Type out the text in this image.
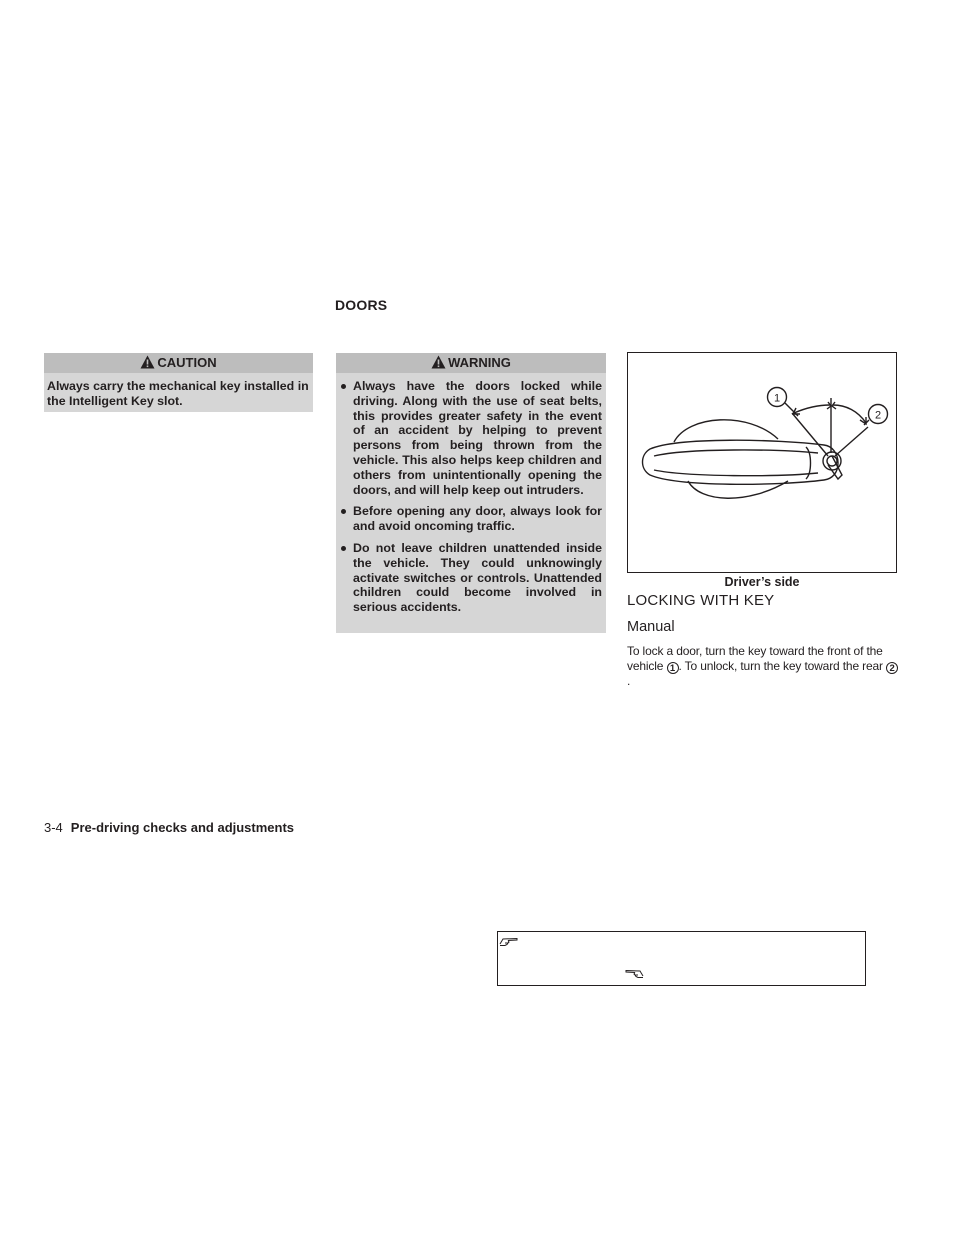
DOORS
CAUTION
Always carry the mechanical key installed in the Intelligent Key slot.
WARNING
Always have the doors locked while driving. Along with the use of seat belts, this provides greater safety in the event of an accident by helping to prevent persons from being thrown from the vehicle. This also helps keep children and others from unintentionally opening the doors, and will help keep out intruders.
Before opening any door, always look for and avoid oncoming traffic.
Do not leave children unattended inside the vehicle. They could unknowingly activate switches or controls. Unattended children could become involved in serious accidents.
1
2
Driver’s side
LOCKING WITH KEY
Manual
To lock a door, turn the key toward the front of the vehicle 1 . To unlock, turn the key toward the rear 2.
3-4 Pre-driving checks and adjustments
